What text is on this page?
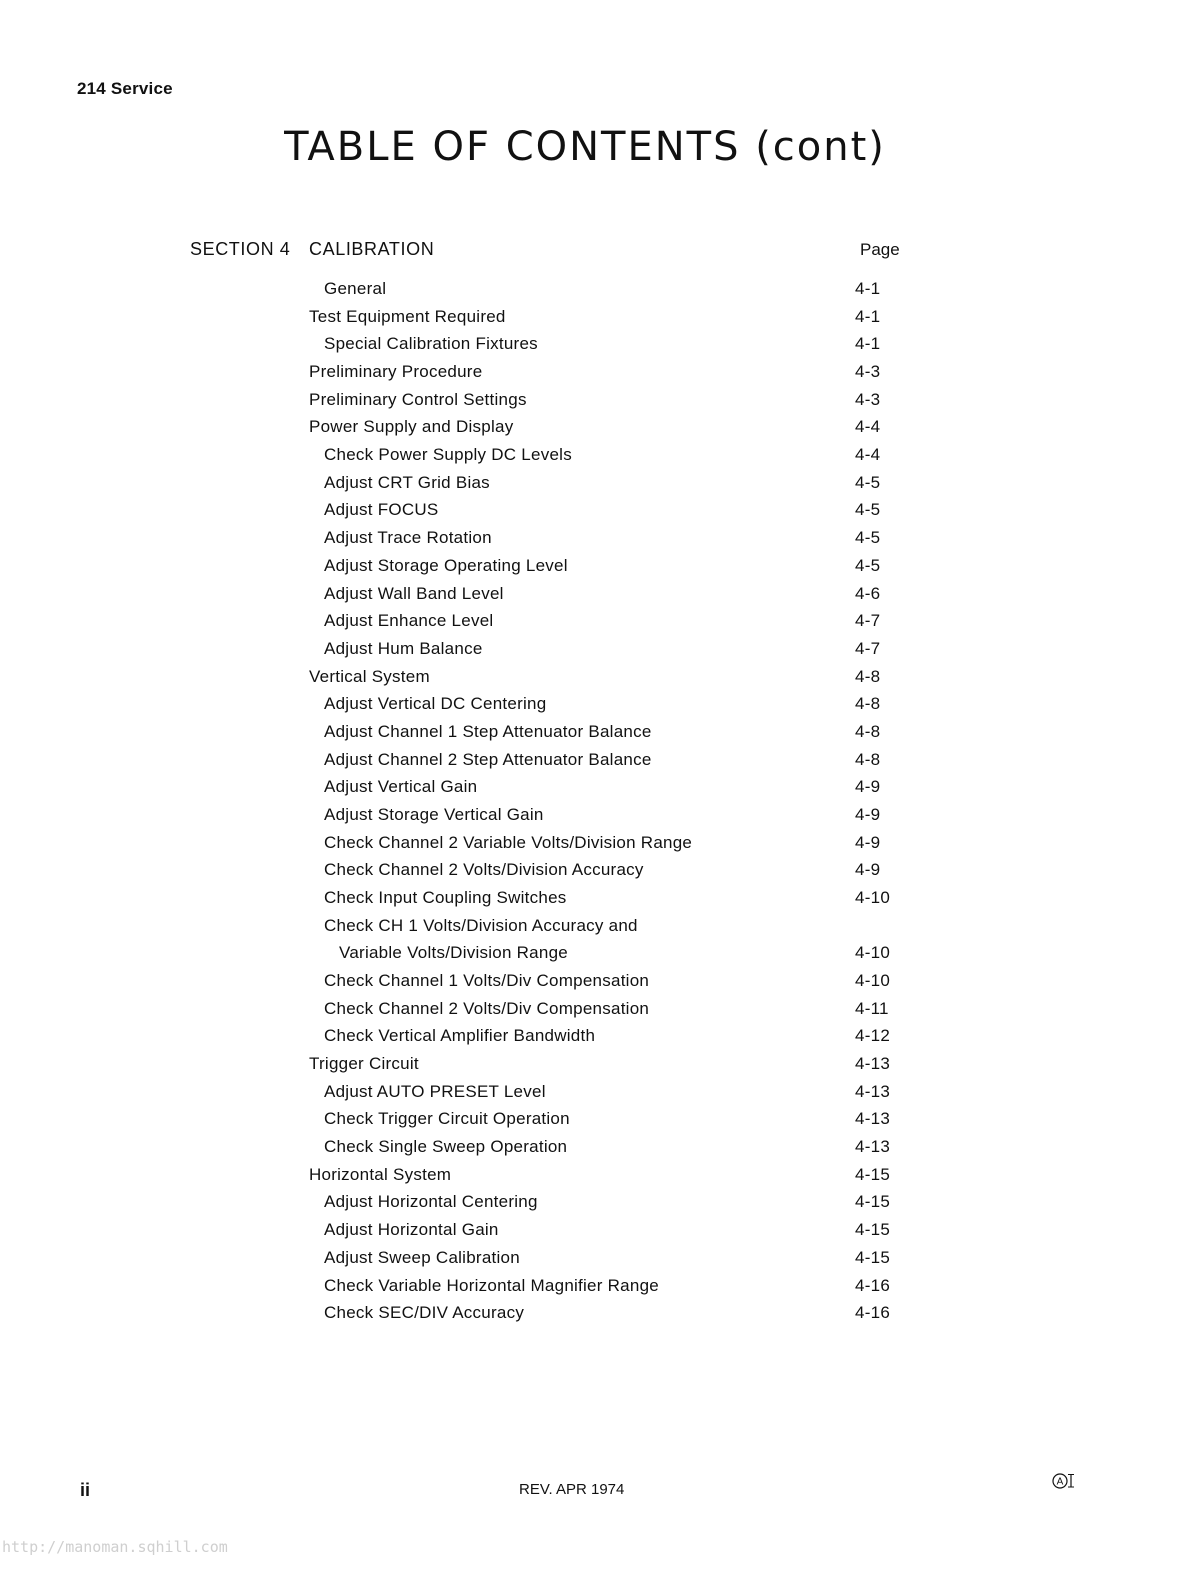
214 Service
TABLE OF CONTENTS (cont)
SECTION 4 CALIBRATION	Page
General	4-1
Test Equipment Required	4-1
Special Calibration Fixtures	4-1
Preliminary Procedure	4-3
Preliminary Control Settings	4-3
Power Supply and Display	4-4
Check Power Supply DC Levels	4-4
Adjust CRT Grid Bias	4-5
Adjust FOCUS	4-5
Adjust Trace Rotation	4-5
Adjust Storage Operating Level	4-5
Adjust Wall Band Level	4-6
Adjust Enhance Level	4-7
Adjust Hum Balance	4-7
Vertical System	4-8
Adjust Vertical DC Centering	4-8
Adjust Channel 1 Step Attenuator Balance	4-8
Adjust Channel 2 Step Attenuator Balance	4-8
Adjust Vertical Gain	4-9
Adjust Storage Vertical Gain	4-9
Check Channel 2 Variable Volts/Division Range	4-9
Check Channel 2 Volts/Division Accuracy	4-9
Check Input Coupling Switches	4-10
Check CH 1 Volts/Division Accuracy and
Variable Volts/Division Range	4-10
Check Channel 1 Volts/Div Compensation	4-10
Check Channel 2 Volts/Div Compensation	4-11
Check Vertical Amplifier Bandwidth	4-12
Trigger Circuit	4-13
Adjust AUTO PRESET Level	4-13
Check Trigger Circuit Operation	4-13
Check Single Sweep Operation	4-13
Horizontal System	4-15
Adjust Horizontal Centering	4-15
Adjust Horizontal Gain	4-15
Adjust Sweep Calibration	4-15
Check Variable Horizontal Magnifier Range	4-16
Check SEC/DIV Accuracy	4-16
ii	REV. APR 1974	A
http://manoman.sqhill.com
